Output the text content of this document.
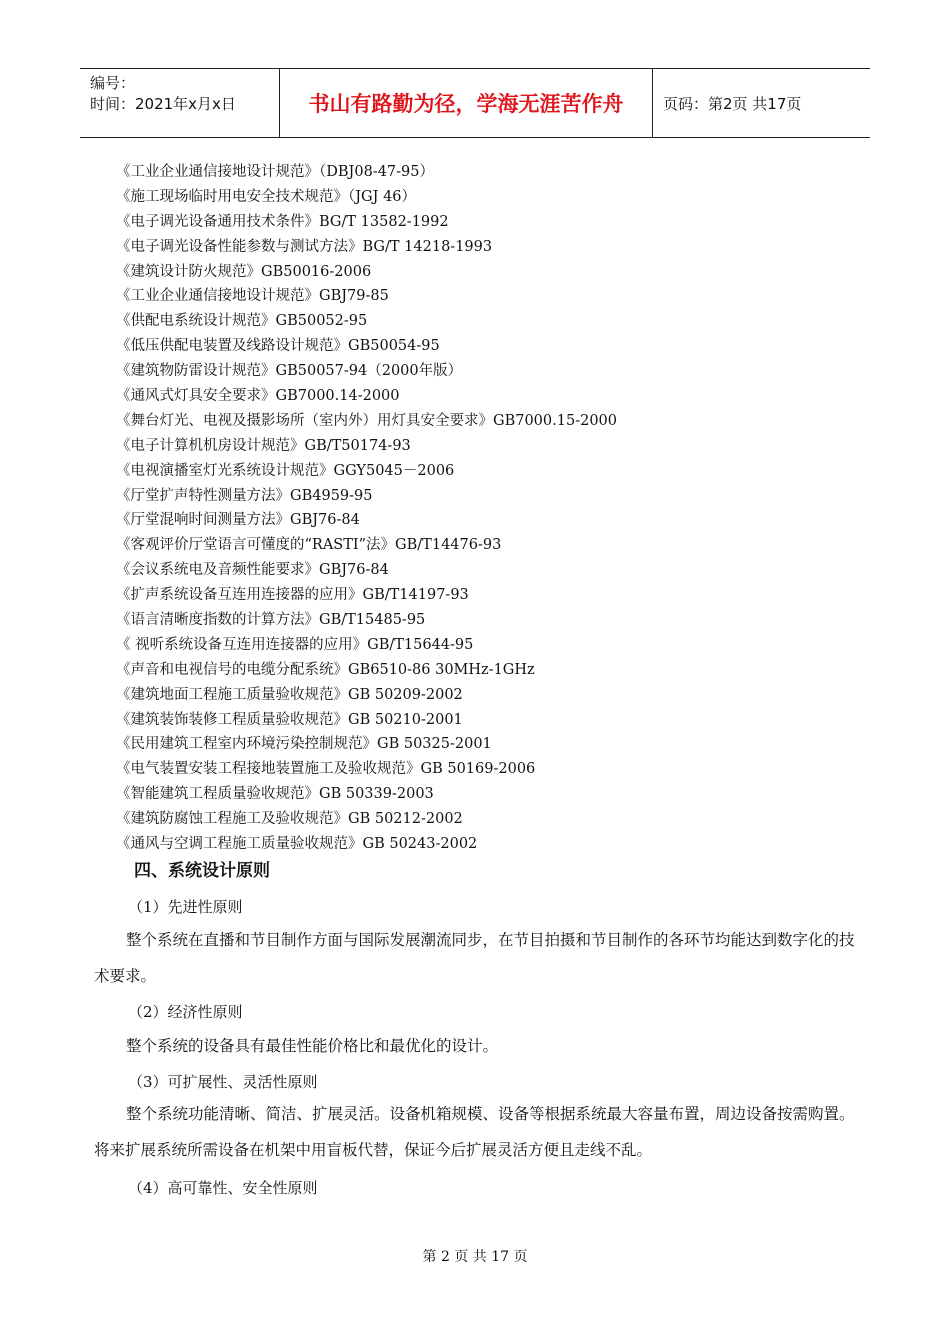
编号：
时间：2021年x月x日	书山有路勤为径，学海无涯苦作舟	页码：第2页 共17页
《工业企业通信接地设计规范》（DBJ08-47-95）
《施工现场临时用电安全技术规范》（JGJ 46）
《电子调光设备通用技术条件》BG/T 13582-1992
《电子调光设备性能参数与测试方法》BG/T 14218-1993
《建筑设计防火规范》GB50016-2006
《工业企业通信接地设计规范》GBJ79-85
《供配电系统设计规范》GB50052-95
《低压供配电装置及线路设计规范》GB50054-95
《建筑物防雷设计规范》GB50057-94（2000年版）
《通风式灯具安全要求》GB7000.14-2000
《舞台灯光、电视及摄影场所（室内外）用灯具安全要求》GB7000.15-2000
《电子计算机机房设计规范》GB/T50174-93
《电视演播室灯光系统设计规范》GGY5045－2006
《厅堂扩声特性测量方法》GB4959-95
《厅堂混响时间测量方法》GBJ76-84
《客观评价厅堂语言可懂度的“RASTI”法》GB/T14476-93
《会议系统电及音频性能要求》GBJ76-84
《扩声系统设备互连用连接器的应用》GB/T14197-93
《语言清晰度指数的计算方法》GB/T15485-95
《 视听系统设备互连用连接器的应用》GB/T15644-95
《声音和电视信号的电缆分配系统》GB6510-86 30MHz-1GHz
《建筑地面工程施工质量验收规范》GB 50209-2002
《建筑装饰装修工程质量验收规范》GB 50210-2001
《民用建筑工程室内环境污染控制规范》GB 50325-2001
《电气装置安装工程接地装置施工及验收规范》GB 50169-2006
《智能建筑工程质量验收规范》GB 50339-2003
《建筑防腐蚀工程施工及验收规范》GB 50212-2002
《通风与空调工程施工质量验收规范》GB 50243-2002
四、系统设计原则
（1）先进性原则
整个系统在直播和节目制作方面与国际发展潮流同步，在节目拍摄和节目制作的各环节均能达到数字化的技术要求。
（2）经济性原则
整个系统的设备具有最佳性能价格比和最优化的设计。
（3）可扩展性、灵活性原则
整个系统功能清晰、简洁、扩展灵活。设备机箱规模、设备等根据系统最大容量布置，周边设备按需购置。将来扩展系统所需设备在机架中用盲板代替，保证今后扩展灵活方便且走线不乱。
（4）高可靠性、安全性原则
第 2 页 共 17 页
